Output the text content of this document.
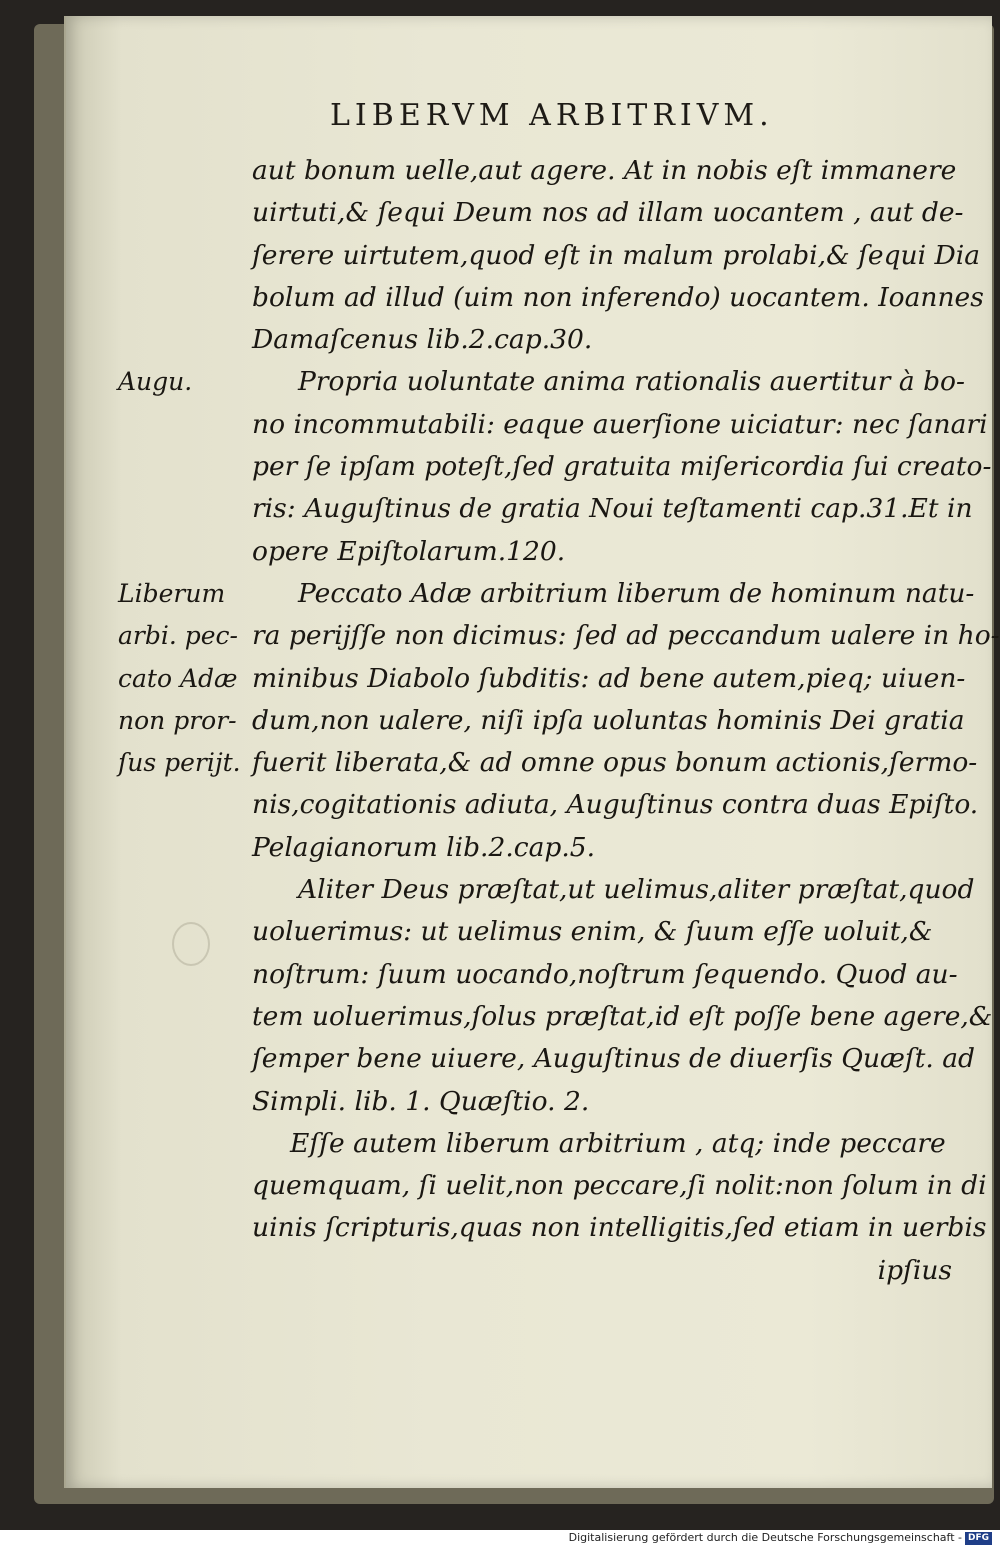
LIBERVM ARBITRIVM.
aut bonum uelle,aut agere. At in nobis eſt immanere
uirtuti,& ſequi Deum nos ad illam uocantem , aut de-
ſerere uirtutem,quod eſt in malum prolabi,& ſequi Dia
bolum ad illud (uim non inferendo) uocantem. Ioannes
Damaſcenus lib.2.cap.30.
Propria uoluntate anima rationalis auertitur à bo-
no incommutabili: eaque auerſione uiciatur: nec ſanari
per ſe ipſam poteſt,ſed gratuita miſericordia ſui creato-
ris: Auguſtinus de gratia Noui teſtamenti cap.31.Et in
opere Epiſtolarum.120.
Peccato Adæ arbitrium liberum de hominum natu-
ra perijſſe non dicimus: ſed ad peccandum ualere in ho-
minibus Diabolo ſubditis: ad bene autem,pieq; uiuen-
dum,non ualere, niſi ipſa uoluntas hominis Dei gratia
fuerit liberata,& ad omne opus bonum actionis,ſermo-
nis,cogitationis adiuta, Auguſtinus contra duas Epiſto.
Pelagianorum lib.2.cap.5.
Aliter Deus præſtat,ut uelimus,aliter præſtat,quod
uoluerimus: ut uelimus enim, & ſuum eſſe uoluit,&
noſtrum: ſuum uocando,noſtrum ſequendo. Quod au-
tem uoluerimus,ſolus præſtat,id eſt poſſe bene agere,&
ſemper bene uiuere, Auguſtinus de diuerſis Quæſt. ad
Simpli. lib. 1. Quæſtio. 2.
Eſſe autem liberum arbitrium , atq; inde peccare
quemquam, ſi uelit,non peccare,ſi nolit:non ſolum in di
uinis ſcripturis,quas non intelligitis,ſed etiam in uerbis
ipſius
Augu.
Liberum
arbi. pec-
cato Adæ
non pror-
ſus perijt.
Digitalisierung gefördert durch die Deutsche Forschungsgemeinschaft - DFG
